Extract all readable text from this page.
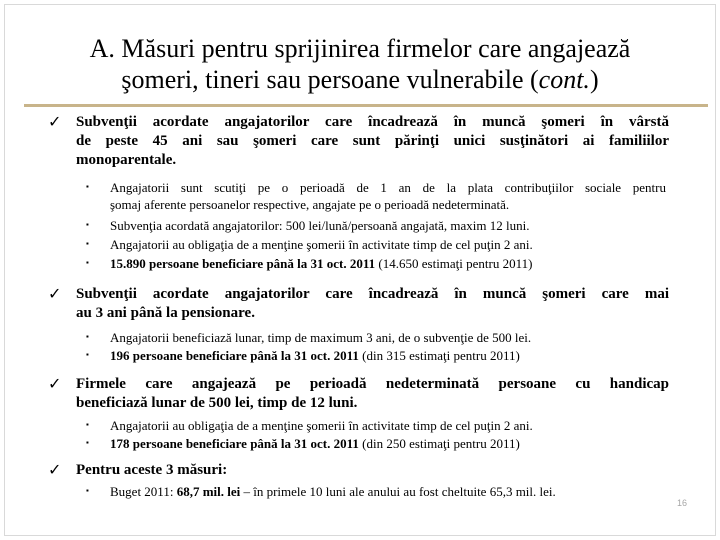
A. Măsuri pentru sprijinirea firmelor care angajează
şomeri, tineri sau persoane vulnerabile (cont.)
✓ Subvenţii acordate angajatorilor care încadrează în muncă şomeri în vârstă
de peste 45 ani sau şomeri care sunt părinţi unici susţinători ai familiilor
monoparentale.
▪ Angajatorii sunt scutiţi pe o perioadă de 1 an de la plata contribuţiilor sociale pentru
şomaj aferente persoanelor respective, angajate pe o perioadă nedeterminată.
▪ Subvenţia acordată angajatorilor: 500 lei/lună/persoană angajată, maxim 12 luni.
▪ Angajatorii au obligaţia de a menţine şomerii în activitate timp de cel puţin 2 ani.
▪ 15.890 persoane beneficiare până la 31 oct. 2011 (14.650 estimaţi pentru 2011)
✓ Subvenţii acordate angajatorilor care încadrează în muncă şomeri care mai
au 3 ani până la pensionare.
▪ Angajatorii beneficiază lunar, timp de maximum 3 ani, de o subvenţie de 500 lei.
▪ 196 persoane beneficiare până la 31 oct. 2011 (din 315 estimaţi pentru 2011)
✓ Firmele care angajează pe perioadă nedeterminată persoane cu handicap
beneficiază lunar de 500 lei, timp de 12 luni.
▪ Angajatorii au obligaţia de a menţine şomerii în activitate timp de cel puţin 2 ani.
▪ 178 persoane beneficiare până la 31 oct. 2011 (din 250 estimaţi pentru 2011)
✓ Pentru aceste 3 măsuri:
▪ Buget 2011: 68,7 mil. lei – în primele 10 luni ale anului au fost cheltuite 65,3 mil. lei.
16
